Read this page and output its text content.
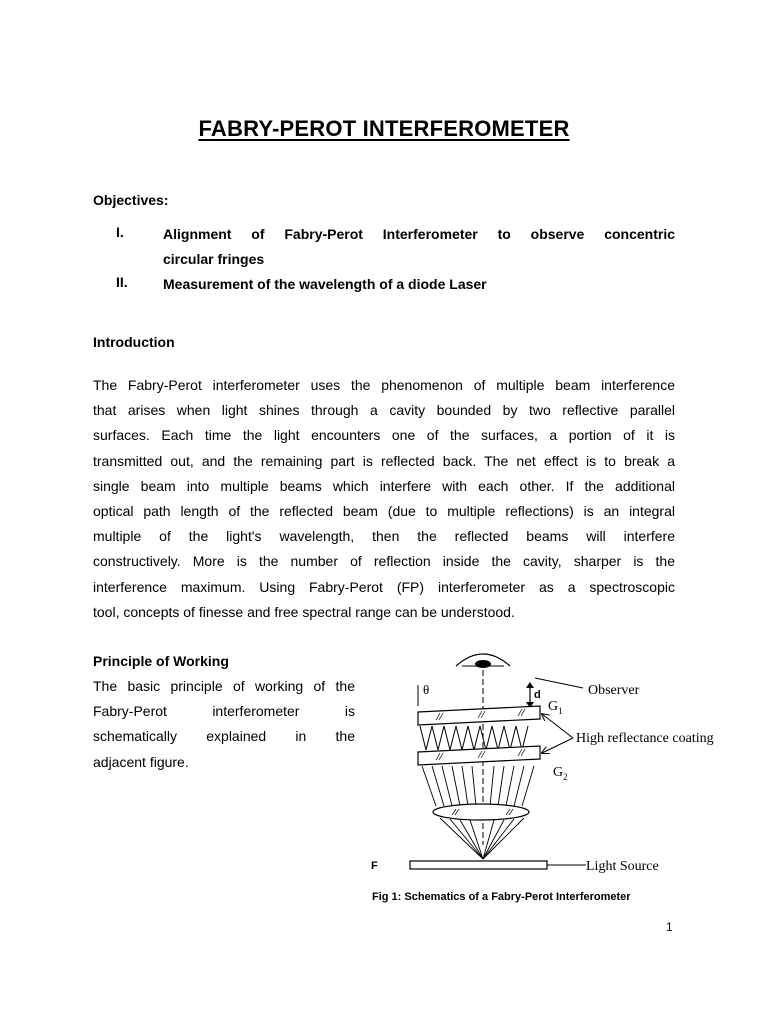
FABRY-PEROT INTERFEROMETER

Objectives:

I.	Alignment of Fabry-Perot Interferometer to observe concentric
circular fringes
II.	Measurement of the wavelength of a diode Laser

Introduction

The Fabry-Perot interferometer uses the phenomenon of multiple beam interference
that arises when light shines through a cavity bounded by two reflective parallel
surfaces. Each time the light encounters one of the surfaces, a portion of it is
transmitted out, and the remaining part is reflected back. The net effect is to break a
single beam into multiple beams which interfere with each other. If the additional
optical path length of the reflected beam (due to multiple reflections) is an integral
multiple of the light's wavelength, then the reflected beams will interfere
constructively. More is the number of reflection inside the cavity, sharper is the
interference maximum. Using Fabry-Perot (FP) interferometer as a spectroscopic
tool, concepts of finesse and free spectral range can be understood.

Principle of Working

The basic principle of working of the
Fabry-Perot interferometer is
schematically explained in the
adjacent figure.

θ	d	Observer
$G_1$
$G_2$
High reflectance coating
F	Light Source

Fig 1: Schematics of a Fabry-Perot Interferometer

1
